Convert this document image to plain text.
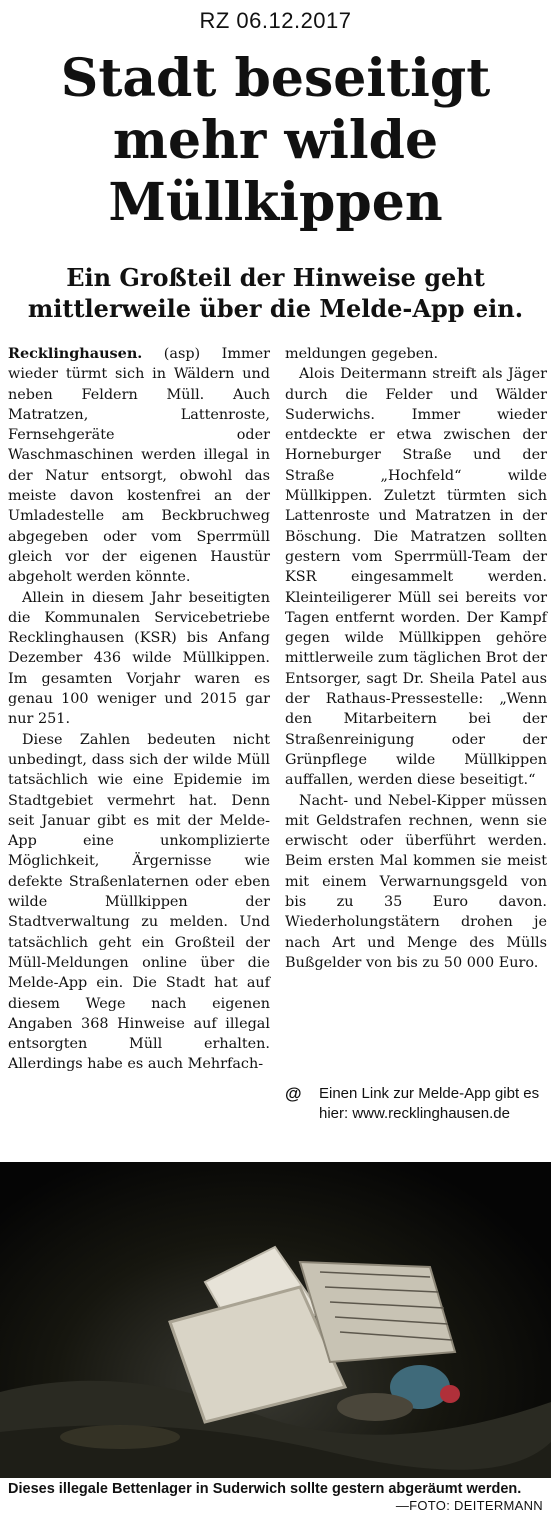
RZ 06.12.2017
Stadt beseitigt
mehr wilde
Müllkippen
Ein Großteil der Hinweise geht
mittlerweile über die Melde-App ein.

Recklinghausen. (asp) Immer wieder türmt sich in Wäldern und neben Feldern Müll. Auch Matratzen, Lattenroste, Fernsehgeräte oder Waschmaschinen werden illegal in der Natur entsorgt, obwohl das meiste davon kostenfrei an der Umladestelle am Beckbruchweg abgegeben oder vom Sperrmüll gleich vor der eigenen Haustür abgeholt werden könnte.

Allein in diesem Jahr beseitigten die Kommunalen Servicebetriebe Recklinghausen (KSR) bis Anfang Dezember 436 wilde Müllkippen. Im gesamten Vorjahr waren es genau 100 weniger und 2015 gar nur 251.

Diese Zahlen bedeuten nicht unbedingt, dass sich der wilde Müll tatsächlich wie eine Epidemie im Stadtgebiet vermehrt hat. Denn seit Januar gibt es mit der Melde-App eine unkomplizierte Möglichkeit, Ärgernisse wie defekte Straßenlaternen oder eben wilde Müllkippen der Stadtverwaltung zu melden. Und tatsächlich geht ein Großteil der Müll-Meldungen online über die Melde-App ein. Die Stadt hat auf diesem Wege nach eigenen Angaben 368 Hinweise auf illegal entsorgten Müll erhalten. Allerdings habe es auch Mehrfach-

meldungen gegeben.

Alois Deitermann streift als Jäger durch die Felder und Wälder Suderwichs. Immer wieder entdeckte er etwa zwischen der Horneburger Straße und der Straße „Hochfeld“ wilde Müllkippen. Zuletzt türmten sich Lattenroste und Matratzen in der Böschung. Die Matratzen sollten gestern vom Sperrmüll-Team der KSR eingesammelt werden. Kleinteiligerer Müll sei bereits vor Tagen entfernt worden. Der Kampf gegen wilde Müllkippen gehöre mittlerweile zum täglichen Brot der Entsorger, sagt Dr. Sheila Patel aus der Rathaus-Pressestelle: „Wenn den Mitarbeitern bei der Straßenreinigung oder der Grünpflege wilde Müllkippen auffallen, werden diese beseitigt.“

Nacht- und Nebel-Kipper müssen mit Geldstrafen rechnen, wenn sie erwischt oder überführt werden. Beim ersten Mal kommen sie meist mit einem Verwarnungsgeld von bis zu 35 Euro davon. Wiederholungstätern drohen je nach Art und Menge des Mülls Bußgelder von bis zu 50 000 Euro.

@ Einen Link zur Melde-App gibt es hier: www.recklinghausen.de
Dieses illegale Bettenlager in Suderwich sollte gestern abgeräumt werden.
—FOTO: DEITERMANN
